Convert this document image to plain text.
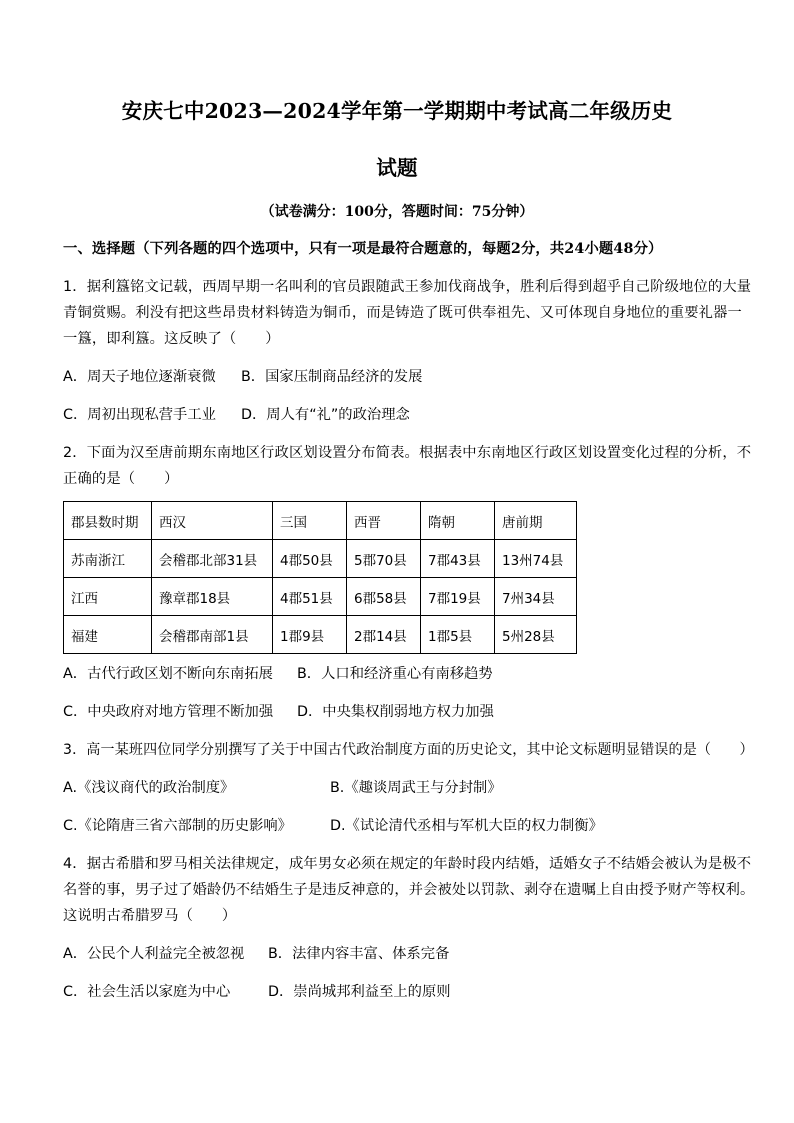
安庆七中2023—2024学年第一学期期中考试高二年级历史
试题
（试卷满分：100分，答题时间：75分钟）
一、选择题（下列各题的四个选项中，只有一项是最符合题意的，每题2分，共24小题48分）
1．据利簋铭文记载，西周早期一名叫利的官员跟随武王参加伐商战争，胜利后得到超乎自己阶级地位的大量
青铜赏赐。利没有把这些昂贵材料铸造为铜币，而是铸造了既可供奉祖先、又可体现自身地位的重要礼器一
一簋，即利簋。这反映了（　　）
A．周天子地位逐渐衰微 B．国家压制商品经济的发展
C．周初出现私营手工业 D．周人有“礼”的政治理念
2．下面为汉至唐前期东南地区行政区划设置分布简表。根据表中东南地区行政区划设置变化过程的分析，不
正确的是（　　）
郡县数时期	西汉	三国	西晋	隋朝	唐前期
苏南浙江	会稽郡北部31县	4郡50县	5郡70县	7郡43县	13州74县
江西	豫章郡18县	4郡51县	6郡58县	7郡19县	7州34县
福建	会稽郡南部1县	1郡9县	2郡14县	1郡5县	5州28县
A．古代行政区划不断向东南拓展 B．人口和经济重心有南移趋势
C．中央政府对地方管理不断加强 D．中央集权削弱地方权力加强
3．高一某班四位同学分别撰写了关于中国古代政治制度方面的历史论文，其中论文标题明显错误的是（　　）
A.《浅议商代的政治制度》	B.《趣谈周武王与分封制》
C.《论隋唐三省六部制的历史影响》	D.《试论清代丞相与军机大臣的权力制衡》
4．据古希腊和罗马相关法律规定，成年男女必须在规定的年龄时段内结婚，适婚女子不结婚会被认为是极不
名誉的事，男子过了婚龄仍不结婚生子是违反神意的，并会被处以罚款、剥夺在遗嘱上自由授予财产等权利。
这说明古希腊罗马（　　）
A．公民个人利益完全被忽视 B．法律内容丰富、体系完备
C．社会生活以家庭为中心	D．崇尚城邦利益至上的原则
